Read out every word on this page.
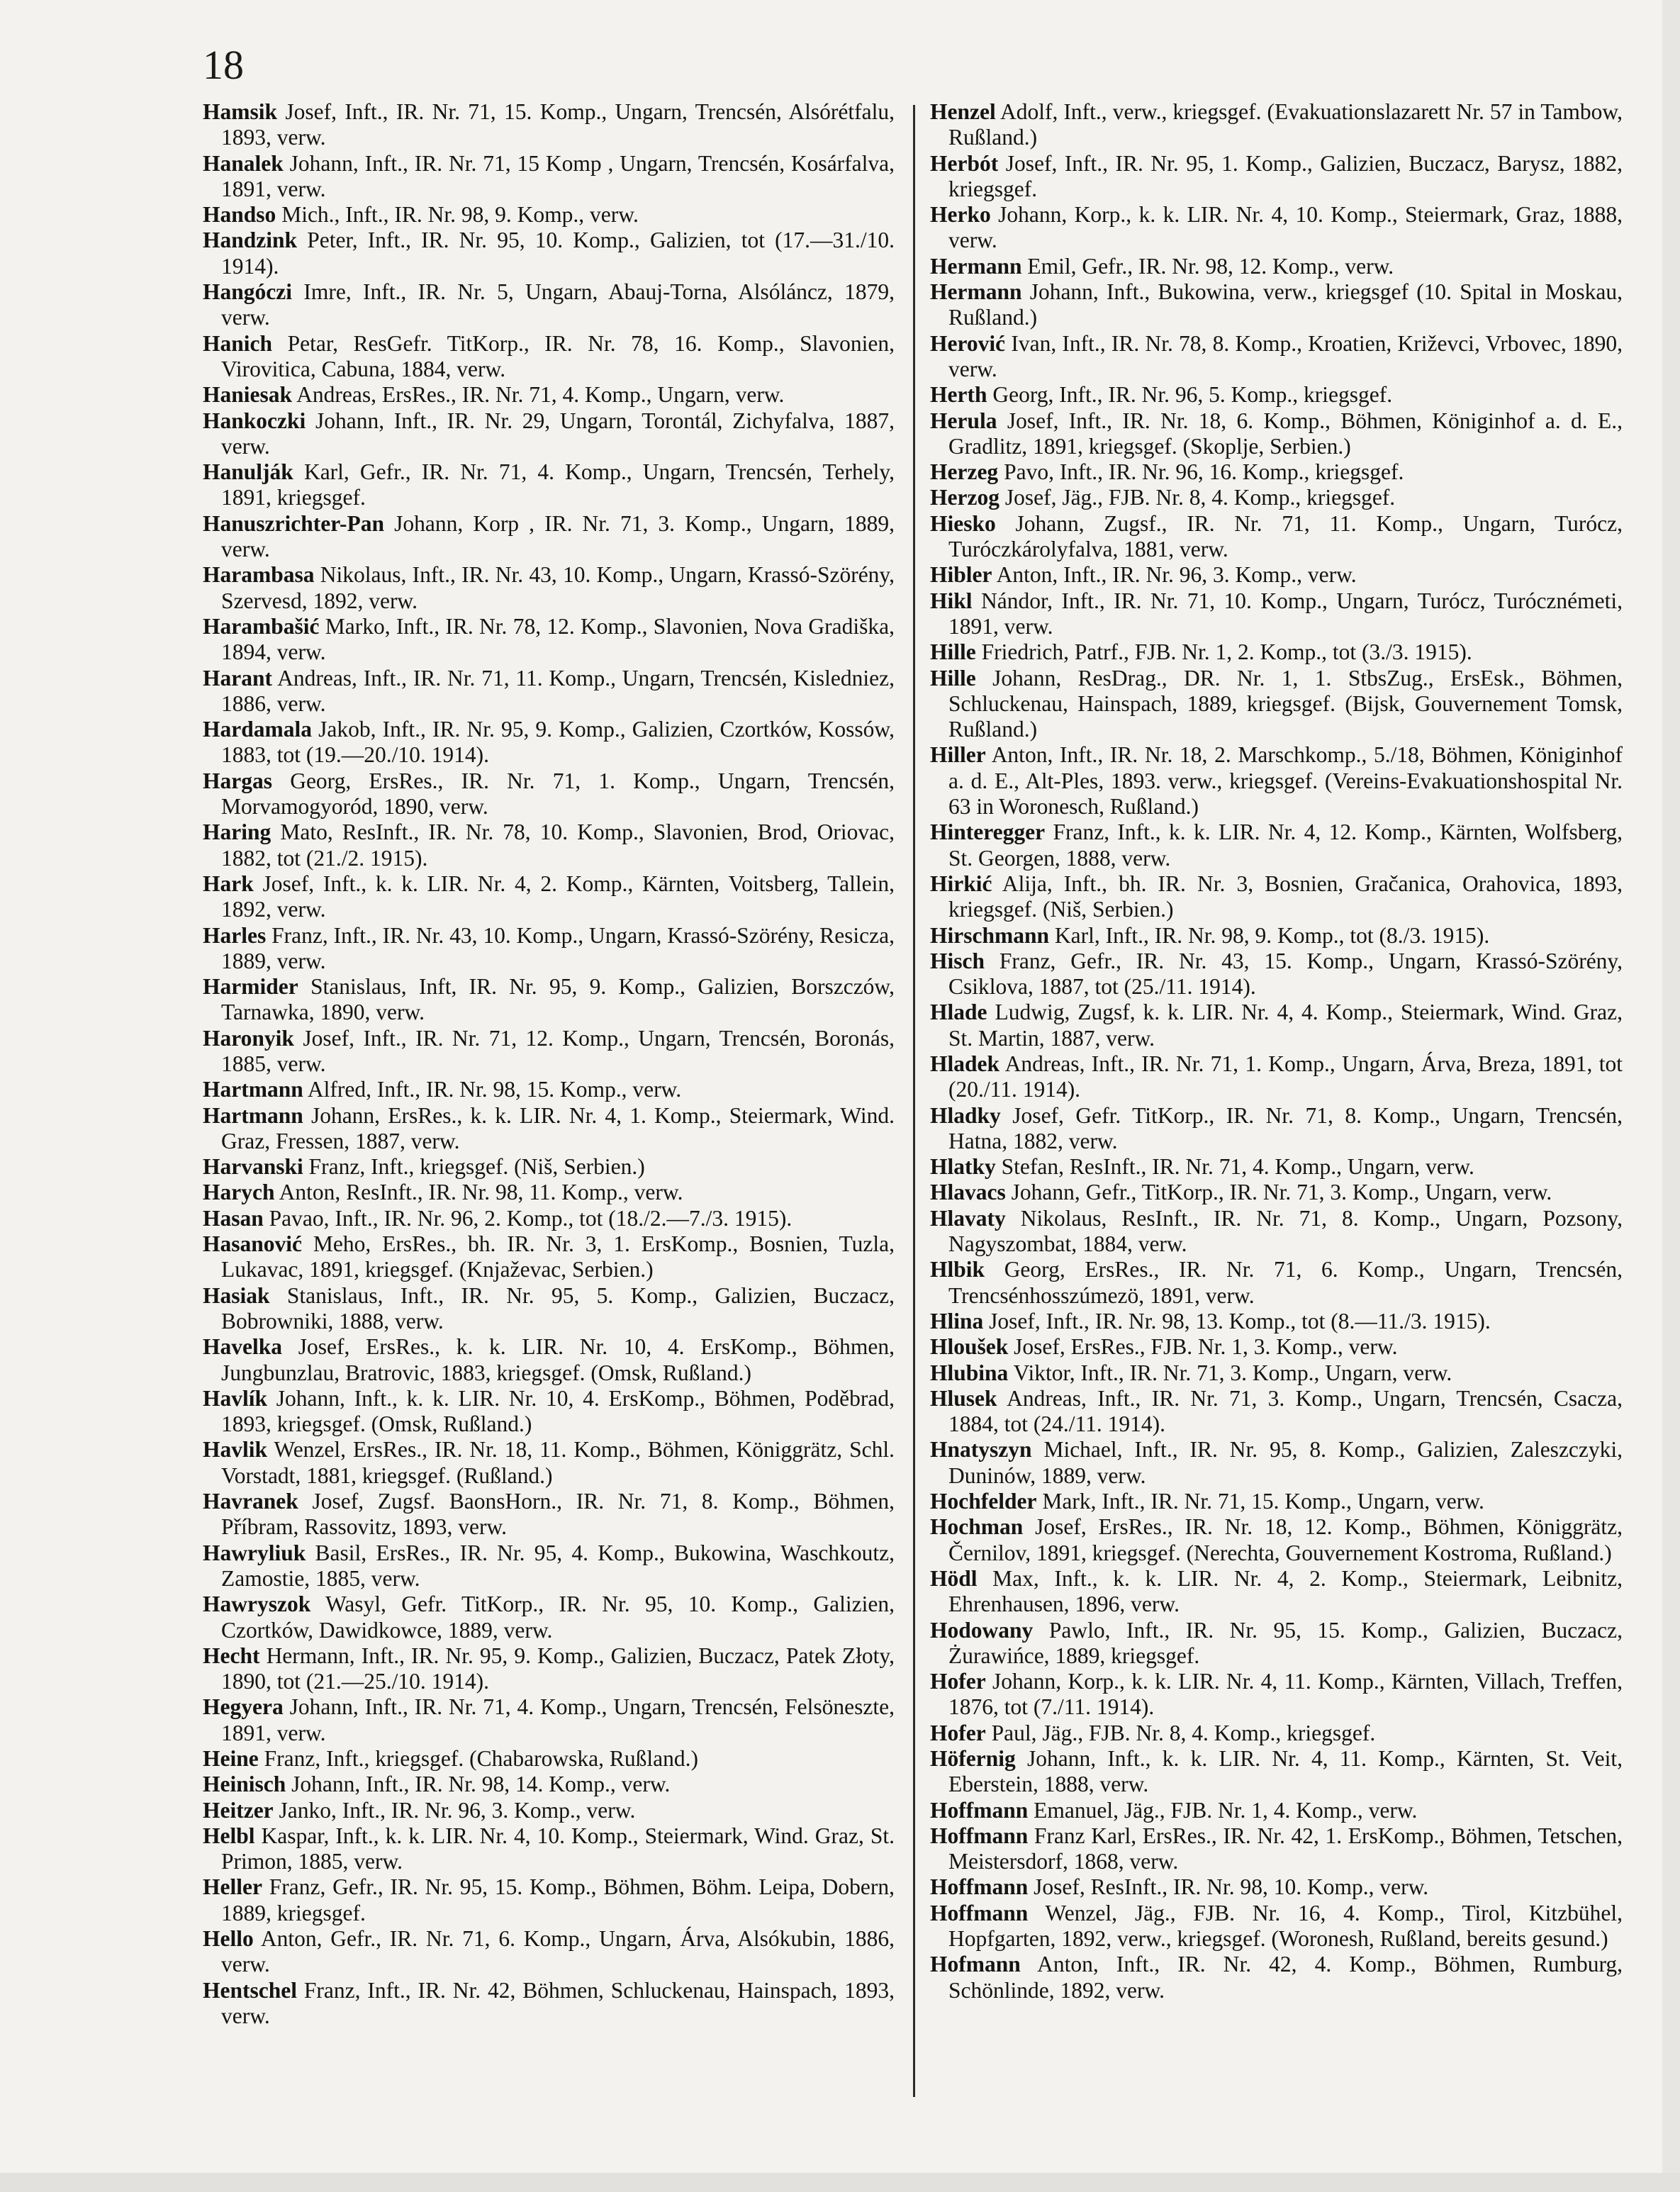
18

Hamsik Josef, Inft., IR. Nr. 71, 15. Komp., Ungarn, Trencsén, Alsórétfalu, 1893, verw.

Hanalek Johann, Inft., IR. Nr. 71, 15 Komp , Ungarn, Trencsén, Kosárfalva, 1891, verw.

Handso Mich., Inft., IR. Nr. 98, 9. Komp., verw.

Handzink Peter, Inft., IR. Nr. 95, 10. Komp., Galizien, tot (17.—31./10. 1914).

Hangóczi Imre, Inft., IR. Nr. 5, Ungarn, Abauj-Torna, Alsóláncz, 1879, verw.

Hanich Petar, ResGefr. TitKorp., IR. Nr. 78, 16. Komp., Slavonien, Virovitica, Cabuna, 1884, verw.

Haniesak Andreas, ErsRes., IR. Nr. 71, 4. Komp., Ungarn, verw.

Hankoczki Johann, Inft., IR. Nr. 29, Ungarn, Torontál, Zichyfalva, 1887, verw.

Hanulják Karl, Gefr., IR. Nr. 71, 4. Komp., Ungarn, Trencsén, Terhely, 1891, kriegsgef.

Hanuszrichter-Pan Johann, Korp , IR. Nr. 71, 3. Komp., Ungarn, 1889, verw.

Harambasa Nikolaus, Inft., IR. Nr. 43, 10. Komp., Ungarn, Krassó-Szörény, Szervesd, 1892, verw.

Harambašić Marko, Inft., IR. Nr. 78, 12. Komp., Slavonien, Nova Gradiška, 1894, verw.

Harant Andreas, Inft., IR. Nr. 71, 11. Komp., Ungarn, Trencsén, Kisledniez, 1886, verw.

Hardamala Jakob, Inft., IR. Nr. 95, 9. Komp., Galizien, Czortków, Kossów, 1883, tot (19.—20./10. 1914).

Hargas Georg, ErsRes., IR. Nr. 71, 1. Komp., Ungarn, Trencsén, Morvamogyoród, 1890, verw.

Haring Mato, ResInft., IR. Nr. 78, 10. Komp., Slavonien, Brod, Oriovac, 1882, tot (21./2. 1915).

Hark Josef, Inft., k. k. LIR. Nr. 4, 2. Komp., Kärnten, Voitsberg, Tallein, 1892, verw.

Harles Franz, Inft., IR. Nr. 43, 10. Komp., Ungarn, Krassó-Szörény, Resicza, 1889, verw.

Harmider Stanislaus, Inft, IR. Nr. 95, 9. Komp., Galizien, Borszczów, Tarnawka, 1890, verw.

Haronyik Josef, Inft., IR. Nr. 71, 12. Komp., Ungarn, Trencsén, Boronás, 1885, verw.

Hartmann Alfred, Inft., IR. Nr. 98, 15. Komp., verw.

Hartmann Johann, ErsRes., k. k. LIR. Nr. 4, 1. Komp., Steiermark, Wind. Graz, Fressen, 1887, verw.

Harvanski Franz, Inft., kriegsgef. (Niš, Serbien.)

Harych Anton, ResInft., IR. Nr. 98, 11. Komp., verw.

Hasan Pavao, Inft., IR. Nr. 96, 2. Komp., tot (18./2.—7./3. 1915).

Hasanović Meho, ErsRes., bh. IR. Nr. 3, 1. ErsKomp., Bosnien, Tuzla, Lukavac, 1891, kriegsgef. (Knjaževac, Serbien.)

Hasiak Stanislaus, Inft., IR. Nr. 95, 5. Komp., Galizien, Buczacz, Bobrowniki, 1888, verw.

Havelka Josef, ErsRes., k. k. LIR. Nr. 10, 4. ErsKomp., Böhmen, Jungbunzlau, Bratrovic, 1883, kriegsgef. (Omsk, Rußland.)

Havlík Johann, Inft., k. k. LIR. Nr. 10, 4. ErsKomp., Böhmen, Poděbrad, 1893, kriegsgef. (Omsk, Rußland.)

Havlik Wenzel, ErsRes., IR. Nr. 18, 11. Komp., Böhmen, Königgrätz, Schl. Vorstadt, 1881, kriegsgef. (Rußland.)

Havranek Josef, Zugsf. BaonsHorn., IR. Nr. 71, 8. Komp., Böhmen, Příbram, Rassovitz, 1893, verw.

Hawryliuk Basil, ErsRes., IR. Nr. 95, 4. Komp., Bukowina, Waschkoutz, Zamostie, 1885, verw.

Hawryszok Wasyl, Gefr. TitKorp., IR. Nr. 95, 10. Komp., Galizien, Czortków, Dawidkowce, 1889, verw.

Hecht Hermann, Inft., IR. Nr. 95, 9. Komp., Galizien, Buczacz, Patek Złoty, 1890, tot (21.—25./10. 1914).

Hegyera Johann, Inft., IR. Nr. 71, 4. Komp., Ungarn, Trencsén, Felsöneszte, 1891, verw.

Heine Franz, Inft., kriegsgef. (Chabarowska, Rußland.)

Heinisch Johann, Inft., IR. Nr. 98, 14. Komp., verw.

Heitzer Janko, Inft., IR. Nr. 96, 3. Komp., verw.

Helbl Kaspar, Inft., k. k. LIR. Nr. 4, 10. Komp., Steiermark, Wind. Graz, St. Primon, 1885, verw.

Heller Franz, Gefr., IR. Nr. 95, 15. Komp., Böhmen, Böhm. Leipa, Dobern, 1889, kriegsgef.

Hello Anton, Gefr., IR. Nr. 71, 6. Komp., Ungarn, Árva, Alsókubin, 1886, verw.

Hentschel Franz, Inft., IR. Nr. 42, Böhmen, Schluckenau, Hainspach, 1893, verw.

Henzel Adolf, Inft., verw., kriegsgef. (Evakuationslazarett Nr. 57 in Tambow, Rußland.)

Herbót Josef, Inft., IR. Nr. 95, 1. Komp., Galizien, Buczacz, Barysz, 1882, kriegsgef.

Herko Johann, Korp., k. k. LIR. Nr. 4, 10. Komp., Steiermark, Graz, 1888, verw.

Hermann Emil, Gefr., IR. Nr. 98, 12. Komp., verw.

Hermann Johann, Inft., Bukowina, verw., kriegsgef (10. Spital in Moskau, Rußland.)

Herović Ivan, Inft., IR. Nr. 78, 8. Komp., Kroatien, Križevci, Vrbovec, 1890, verw.

Herth Georg, Inft., IR. Nr. 96, 5. Komp., kriegsgef.

Herula Josef, Inft., IR. Nr. 18, 6. Komp., Böhmen, Königinhof a. d. E., Gradlitz, 1891, kriegsgef. (Skoplje, Serbien.)

Herzeg Pavo, Inft., IR. Nr. 96, 16. Komp., kriegsgef.

Herzog Josef, Jäg., FJB. Nr. 8, 4. Komp., kriegsgef.

Hiesko Johann, Zugsf., IR. Nr. 71, 11. Komp., Ungarn, Turócz, Turóczkárolyfalva, 1881, verw.

Hibler Anton, Inft., IR. Nr. 96, 3. Komp., verw.

Hikl Nándor, Inft., IR. Nr. 71, 10. Komp., Ungarn, Turócz, Turócznémeti, 1891, verw.

Hille Friedrich, Patrf., FJB. Nr. 1, 2. Komp., tot (3./3. 1915).

Hille Johann, ResDrag., DR. Nr. 1, 1. StbsZug., ErsEsk., Böhmen, Schluckenau, Hainspach, 1889, kriegsgef. (Bijsk, Gouvernement Tomsk, Rußland.)

Hiller Anton, Inft., IR. Nr. 18, 2. Marschkomp., 5./18, Böhmen, Königinhof a. d. E., Alt-Ples, 1893. verw., kriegsgef. (Vereins-Evakuationshospital Nr. 63 in Woronesch, Rußland.)

Hinteregger Franz, Inft., k. k. LIR. Nr. 4, 12. Komp., Kärnten, Wolfsberg, St. Georgen, 1888, verw.

Hirkić Alija, Inft., bh. IR. Nr. 3, Bosnien, Gračanica, Orahovica, 1893, kriegsgef. (Niš, Serbien.)

Hirschmann Karl, Inft., IR. Nr. 98, 9. Komp., tot (8./3. 1915).

Hisch Franz, Gefr., IR. Nr. 43, 15. Komp., Ungarn, Krassó-Szörény, Csiklova, 1887, tot (25./11. 1914).

Hlade Ludwig, Zugsf, k. k. LIR. Nr. 4, 4. Komp., Steiermark, Wind. Graz, St. Martin, 1887, verw.

Hladek Andreas, Inft., IR. Nr. 71, 1. Komp., Ungarn, Árva, Breza, 1891, tot (20./11. 1914).

Hladky Josef, Gefr. TitKorp., IR. Nr. 71, 8. Komp., Ungarn, Trencsén, Hatna, 1882, verw.

Hlatky Stefan, ResInft., IR. Nr. 71, 4. Komp., Ungarn, verw.

Hlavacs Johann, Gefr., TitKorp., IR. Nr. 71, 3. Komp., Ungarn, verw.

Hlavaty Nikolaus, ResInft., IR. Nr. 71, 8. Komp., Ungarn, Pozsony, Nagyszombat, 1884, verw.

Hlbik Georg, ErsRes., IR. Nr. 71, 6. Komp., Ungarn, Trencsén, Trencsénhosszúmezö, 1891, verw.

Hlina Josef, Inft., IR. Nr. 98, 13. Komp., tot (8.—11./3. 1915).

Hloušek Josef, ErsRes., FJB. Nr. 1, 3. Komp., verw.

Hlubina Viktor, Inft., IR. Nr. 71, 3. Komp., Ungarn, verw.

Hlusek Andreas, Inft., IR. Nr. 71, 3. Komp., Ungarn, Trencsén, Csacza, 1884, tot (24./11. 1914).

Hnatyszyn Michael, Inft., IR. Nr. 95, 8. Komp., Galizien, Zaleszczyki, Duninów, 1889, verw.

Hochfelder Mark, Inft., IR. Nr. 71, 15. Komp., Ungarn, verw.

Hochman Josef, ErsRes., IR. Nr. 18, 12. Komp., Böhmen, Königgrätz, Černilov, 1891, kriegsgef. (Nerechta, Gouvernement Kostroma, Rußland.)

Hödl Max, Inft., k. k. LIR. Nr. 4, 2. Komp., Steiermark, Leibnitz, Ehrenhausen, 1896, verw.

Hodowany Pawlo, Inft., IR. Nr. 95, 15. Komp., Galizien, Buczacz, Żurawińce, 1889, kriegsgef.

Hofer Johann, Korp., k. k. LIR. Nr. 4, 11. Komp., Kärnten, Villach, Treffen, 1876, tot (7./11. 1914).

Hofer Paul, Jäg., FJB. Nr. 8, 4. Komp., kriegsgef.

Höfernig Johann, Inft., k. k. LIR. Nr. 4, 11. Komp., Kärnten, St. Veit, Eberstein, 1888, verw.

Hoffmann Emanuel, Jäg., FJB. Nr. 1, 4. Komp., verw.

Hoffmann Franz Karl, ErsRes., IR. Nr. 42, 1. ErsKomp., Böhmen, Tetschen, Meistersdorf, 1868, verw.

Hoffmann Josef, ResInft., IR. Nr. 98, 10. Komp., verw.

Hoffmann Wenzel, Jäg., FJB. Nr. 16, 4. Komp., Tirol, Kitzbühel, Hopfgarten, 1892, verw., kriegsgef. (Woronesh, Rußland, bereits gesund.)

Hofmann Anton, Inft., IR. Nr. 42, 4. Komp., Böhmen, Rumburg, Schönlinde, 1892, verw.
